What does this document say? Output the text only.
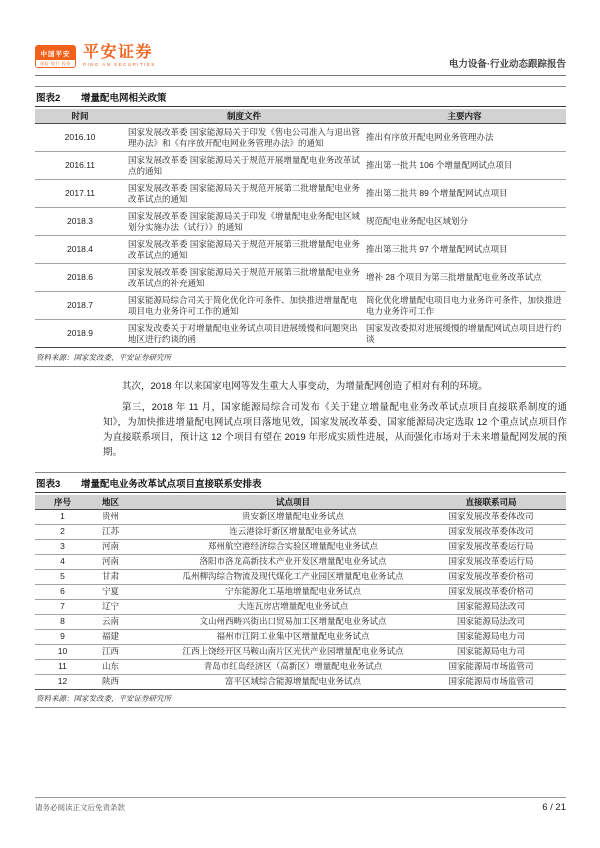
中国平安
保险·银行·投资
平安证券
PING AN SECURITIES	电力设备·行业动态跟踪报告
图表2 增量配电网相关政策
时间	制度文件	主要内容
2016.10	国家发展改革委 国家能源局关于印发《售电公司准入与退出管理办法》和《有序放开配电网业务管理办法》的通知	推出有序放开配电网业务管理办法
2016.11	国家发展改革委 国家能源局关于规范开展增量配电业务改革试点的通知	推出第一批共 106 个增量配网试点项目
2017.11	国家发展改革委 国家能源局关于规范开展第二批增量配电业务改革试点的通知	推出第二批共 89 个增量配网试点项目
2018.3	国家发展改革委 国家能源局关于印发《增量配电业务配电区域划分实施办法（试行）》的通知	规范配电业务配电区域划分
2018.4	国家发展改革委 国家能源局关于规范开展第三批增量配电业务改革试点的通知	推出第三批共 97 个增量配网试点项目
2018.6	国家发展改革委 国家能源局关于规范开展第三批增量配电业务改革试点的补充通知	增补 28 个项目为第三批增量配电业务改革试点
2018.7	国家能源局综合司关于简化优化许可条件、加快推进增量配电项目电力业务许可工作的通知	简化优化增量配电项目电力业务许可条件，加快推进电力业务许可工作
2018.9	国家发改委关于对增量配电业务试点项目进展缓慢和问题突出地区进行约谈的函	国家发改委拟对进展缓慢的增量配网试点项目进行约谈
资料来源：国家发改委，平安证券研究所

其次，2018 年以来国家电网等发生重大人事变动，为增量配网创造了相对有利的环境。

第三，2018 年 11 月，国家能源局综合司发布《关于建立增量配电业务改革试点项目直接联系制度的通知》，为加快推进增量配电网试点项目落地见效，国家发展改革委、国家能源局决定选取 12 个重点试点项目作为直接联系项目，预计这 12 个项目有望在 2019 年形成实质性进展，从而强化市场对于未来增量配网发展的预期。

图表3 增量配电业务改革试点项目直接联系安排表
序号	地区	试点项目	直接联系司局
1	贵州	贵安新区增量配电业务试点	国家发展改革委体改司
2	江苏	连云港徐圩新区增量配电业务试点	国家发展改革委体改司
3	河南	郑州航空港经济综合实验区增量配电业务试点	国家发展改革委运行局
4	河南	洛阳市洛龙高新技术产业开发区增量配电业务试点	国家发展改革委运行局
5	甘肃	瓜州柳沟综合物流及现代煤化工产业园区增量配电业务试点	国家发展改革委价格司
6	宁夏	宁东能源化工基地增量配电业务试点	国家发展改革委价格司
7	辽宁	大连瓦房店增量配电业务试点	国家能源局法改司
8	云南	文山州西畴兴街出口贸易加工区增量配电业务试点	国家能源局法改司
9	福建	福州市江阴工业集中区增量配电业务试点	国家能源局电力司
10	江西	江西上饶经开区马鞍山南片区光伏产业园增量配电业务试点	国家能源局电力司
11	山东	青岛市红岛经济区（高新区）增量配电业务试点	国家能源局市场监管司
12	陕西	富平区域综合能源增量配电业务试点	国家能源局市场监管司
资料来源：国家发改委，平安证券研究所
请务必阅读正文后免责条款	6 / 21
